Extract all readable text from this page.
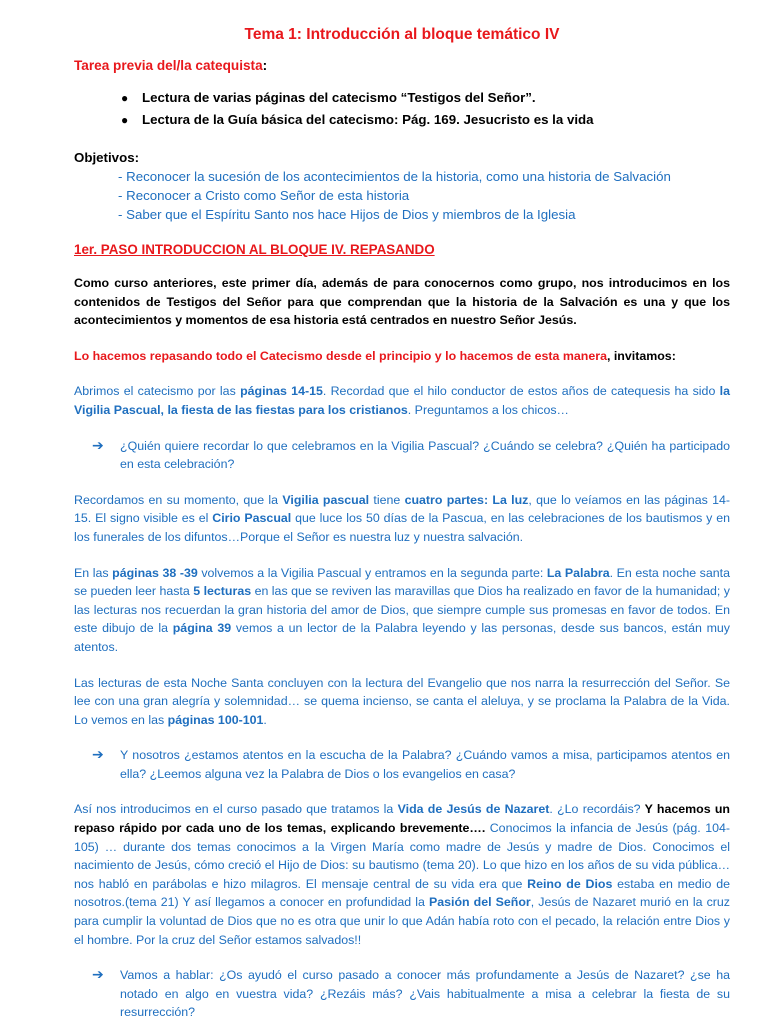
Tema 1: Introducción al bloque temático IV
Tarea previa del/la catequista:
● Lectura de varias páginas del catecismo “Testigos del Señor”.
● Lectura de la Guía básica del catecismo: Pág. 169. Jesucristo es la vida
Objetivos:
- Reconocer la sucesión de los acontecimientos de la historia, como una historia de Salvación
- Reconocer a Cristo como Señor de esta historia
- Saber que el Espíritu Santo nos hace Hijos de Dios y miembros de la Iglesia
1er. PASO INTRODUCCION AL BLOQUE IV. REPASANDO

Como curso anteriores, este primer día, además de para conocernos como grupo, nos introducimos en los contenidos de Testigos del Señor para que comprendan que la historia de la Salvación es una y que los acontecimientos y momentos de esa historia está centrados en nuestro Señor Jesús.

Lo hacemos repasando todo el Catecismo desde el principio y lo hacemos de esta manera, invitamos:

Abrimos el catecismo por las páginas 14-15. Recordad que el hilo conductor de estos años de catequesis ha sido la Vigilia Pascual, la fiesta de las fiestas para los cristianos. Preguntamos a los chicos…

➔ ¿Quién quiere recordar lo que celebramos en la Vigilia Pascual? ¿Cuándo se celebra? ¿Quién ha participado en esta celebración?

Recordamos en su momento, que la Vigilia pascual tiene cuatro partes: La luz, que lo veíamos en las páginas 14-15. El signo visible es el Cirio Pascual que luce los 50 días de la Pascua, en las celebraciones de los bautismos y en los funerales de los difuntos…Porque el Señor es nuestra luz y nuestra salvación.

En las páginas 38 -39 volvemos a la Vigilia Pascual y entramos en la segunda parte: La Palabra. En esta noche santa se pueden leer hasta 5 lecturas en las que se reviven las maravillas que Dios ha realizado en favor de la humanidad; y las lecturas nos recuerdan la gran historia del amor de Dios, que siempre cumple sus promesas en favor de todos. En este dibujo de la página 39 vemos a un lector de la Palabra leyendo y las personas, desde sus bancos, están muy atentos.

Las lecturas de esta Noche Santa concluyen con la lectura del Evangelio que nos narra la resurrección del Señor. Se lee con una gran alegría y solemnidad… se quema incienso, se canta el aleluya, y se proclama la Palabra de la Vida. Lo vemos en las páginas 100-101.

➔ Y nosotros ¿estamos atentos en la escucha de la Palabra? ¿Cuándo vamos a misa, participamos atentos en ella? ¿Leemos alguna vez la Palabra de Dios o los evangelios en casa?

Así nos introducimos en el curso pasado que tratamos la Vida de Jesús de Nazaret. ¿Lo recordáis? Y hacemos un repaso rápido por cada uno de los temas, explicando brevemente…. Conocimos la infancia de Jesús (pág. 104-105) … durante dos temas conocimos a la Virgen María como madre de Jesús y madre de Dios. Conocimos el nacimiento de Jesús, cómo creció el Hijo de Dios: su bautismo (tema 20). Lo que hizo en los años de su vida pública… nos habló en parábolas e hizo milagros. El mensaje central de su vida era que Reino de Dios estaba en medio de nosotros.(tema 21) Y así llegamos a conocer en profundidad la Pasión del Señor, Jesús de Nazaret murió en la cruz para cumplir la voluntad de Dios que no es otra que unir lo que Adán había roto con el pecado, la relación entre Dios y el hombre. Por la cruz del Señor estamos salvados!!

➔ Vamos a hablar: ¿Os ayudó el curso pasado a conocer más profundamente a Jesús de Nazaret? ¿se ha notado en algo en vuestra vida? ¿Rezáis más? ¿Vais habitualmente a misa a celebrar la fiesta de su resurrección?
